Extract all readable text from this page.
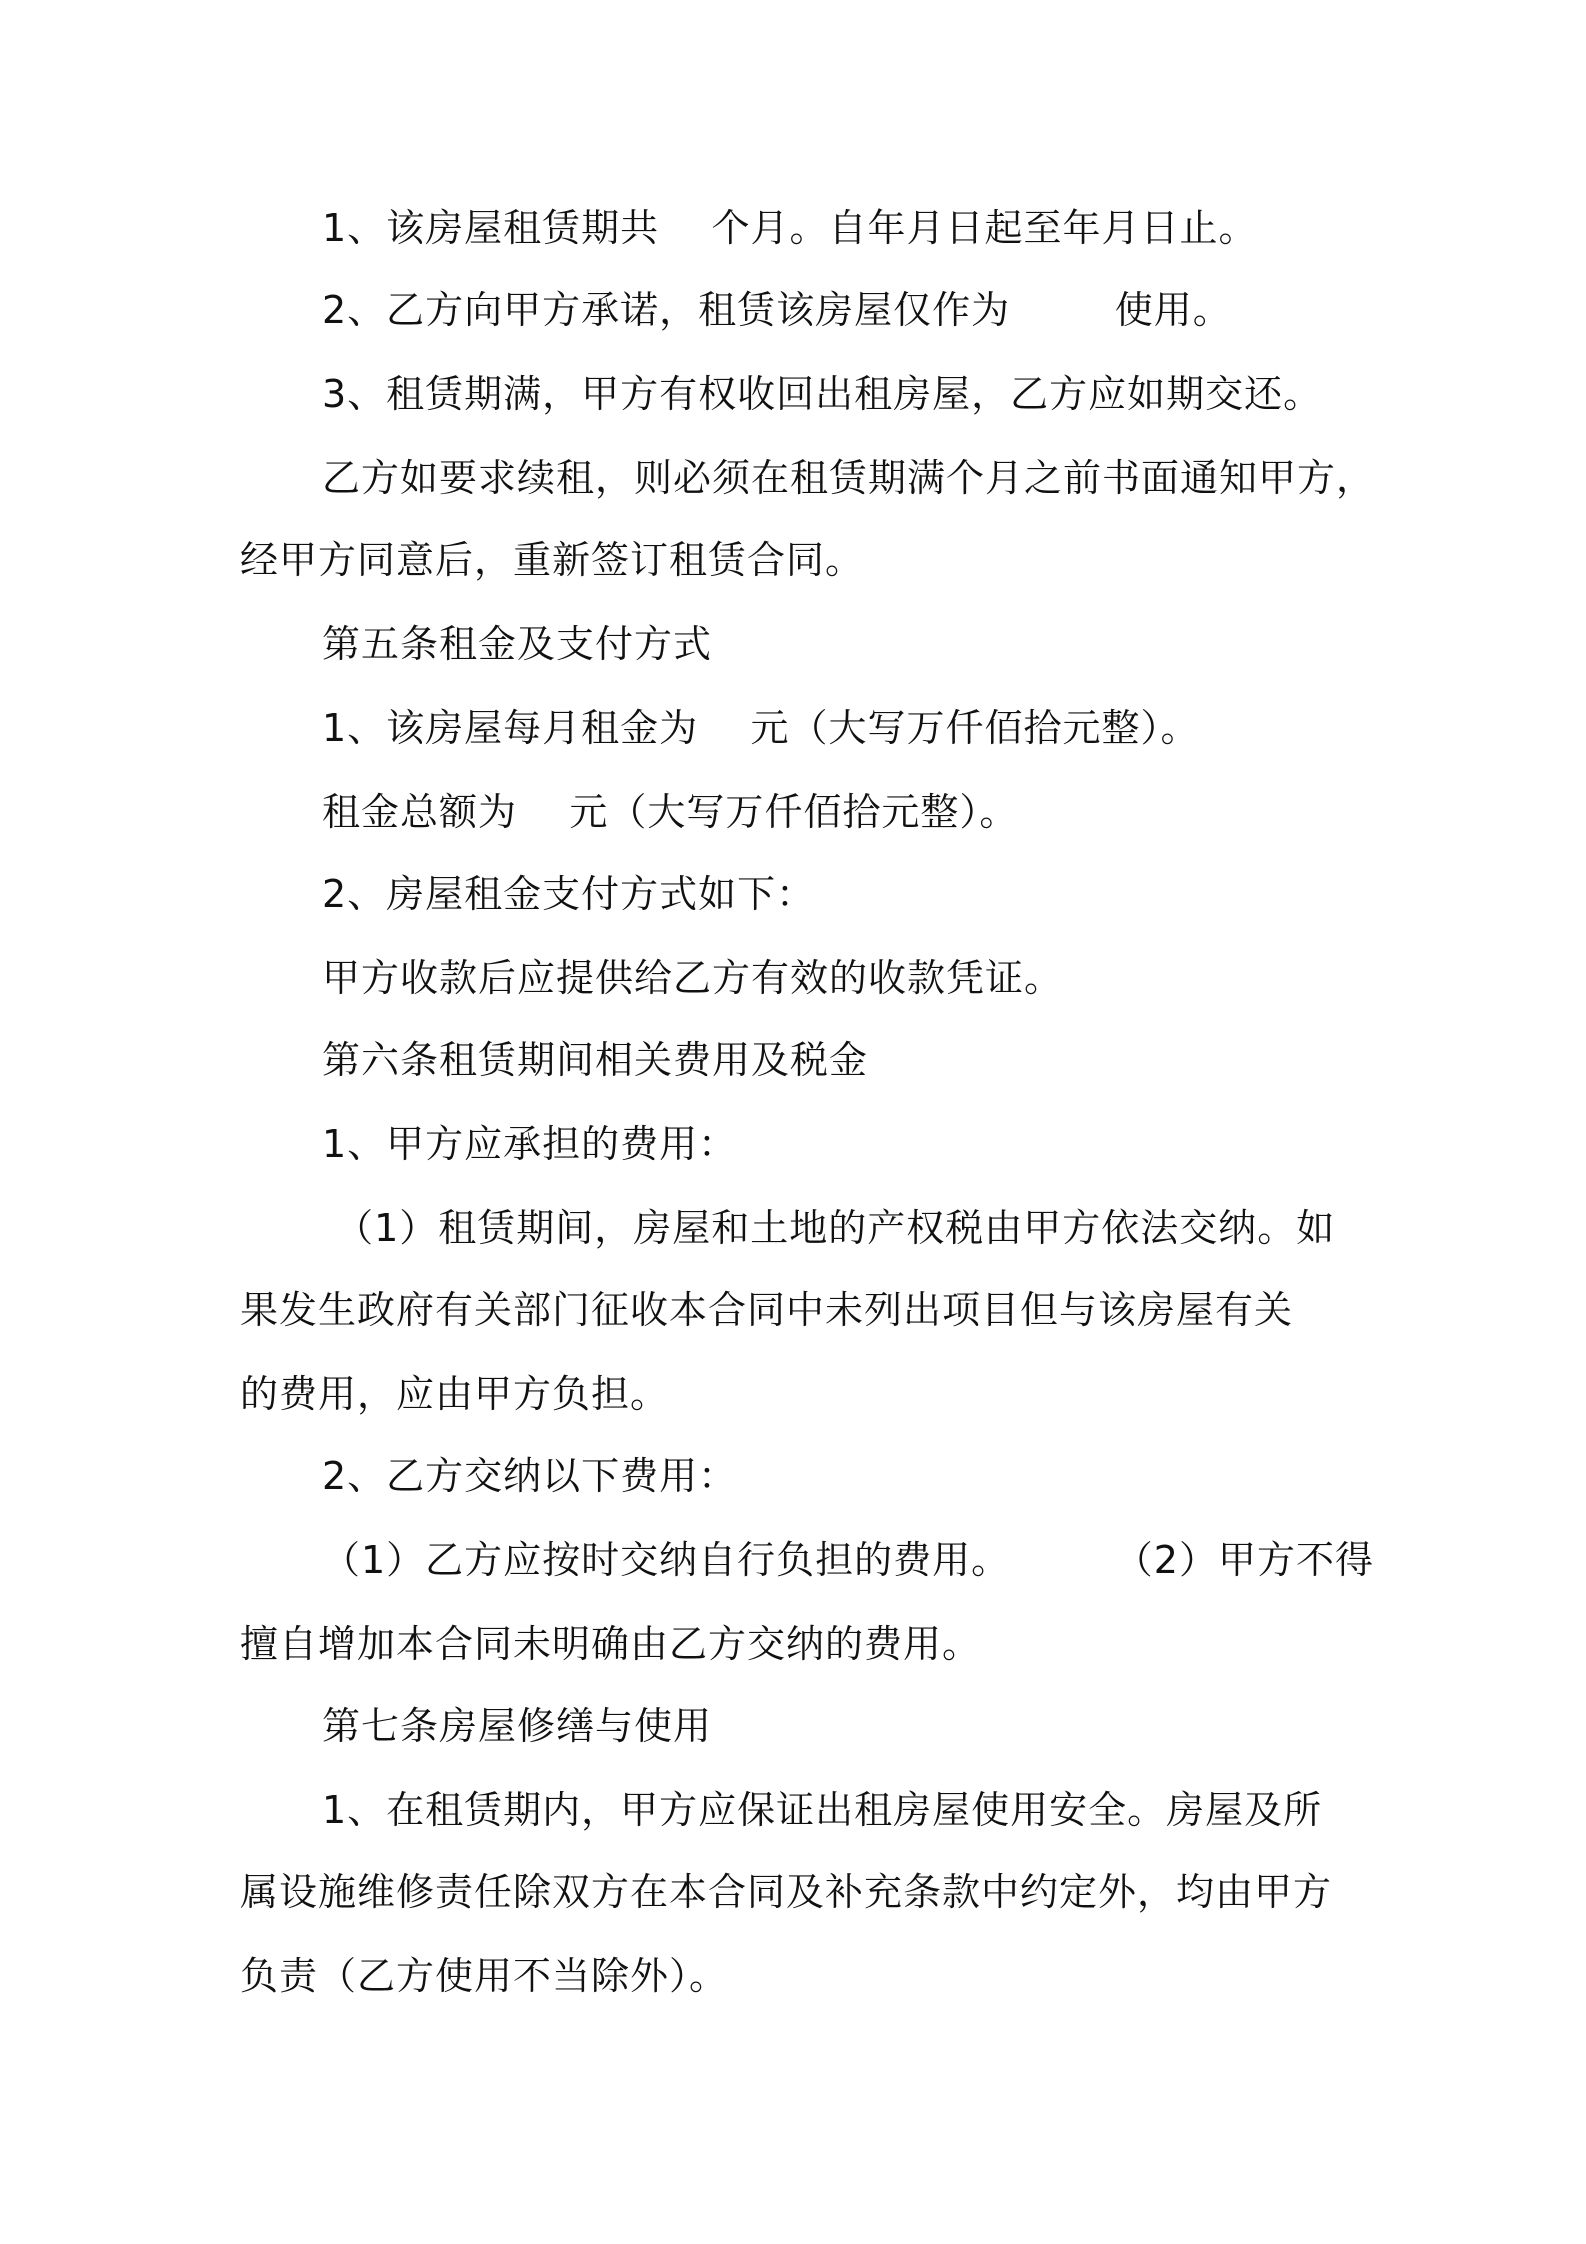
1、该房屋租赁期共    个月。自年月日起至年月日止。
2、乙方向甲方承诺，租赁该房屋仅作为        使用。
3、租赁期满，甲方有权收回出租房屋，乙方应如期交还。
乙方如要求续租，则必须在租赁期满个月之前书面通知甲方，
经甲方同意后，重新签订租赁合同。
第五条租金及支付方式
1、该房屋每月租金为    元（大写万仟佰拾元整）。
租金总额为    元（大写万仟佰拾元整）。
2、房屋租金支付方式如下：
甲方收款后应提供给乙方有效的收款凭证。
第六条租赁期间相关费用及税金
1、甲方应承担的费用：
（1）租赁期间，房屋和土地的产权税由甲方依法交纳。如
果发生政府有关部门征收本合同中未列出项目但与该房屋有关
的费用，应由甲方负担。
2、乙方交纳以下费用：
（1）乙方应按时交纳自行负担的费用。        （2）甲方不得
擅自增加本合同未明确由乙方交纳的费用。
第七条房屋修缮与使用
1、在租赁期内，甲方应保证出租房屋使用安全。房屋及所
属设施维修责任除双方在本合同及补充条款中约定外，均由甲方
负责（乙方使用不当除外）。
